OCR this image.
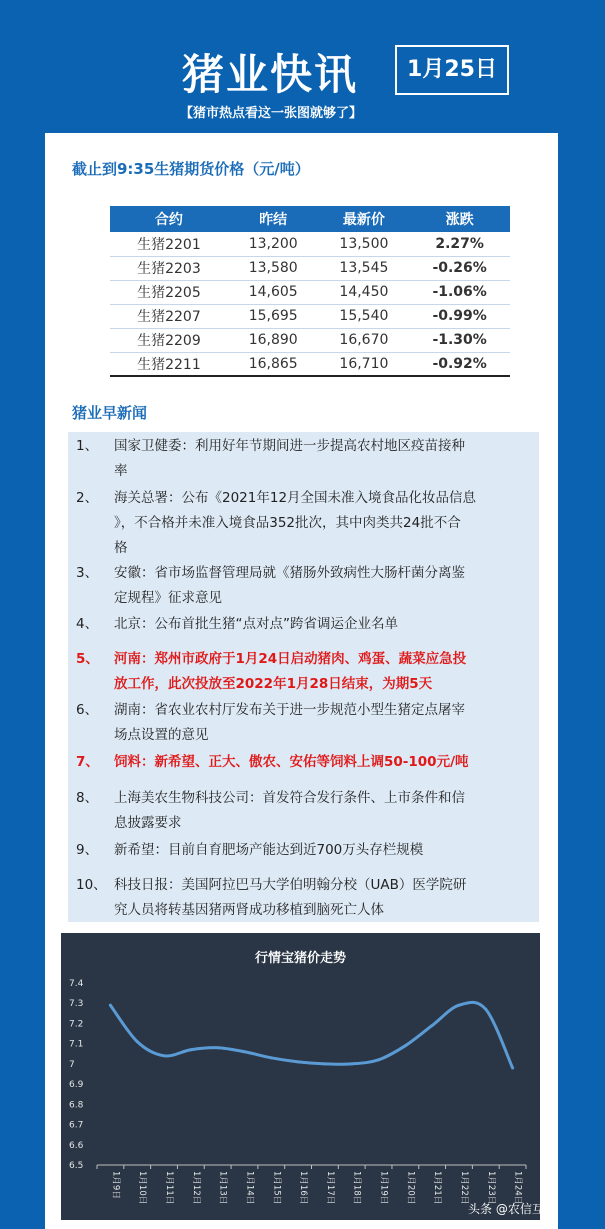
猪业快讯	1月25日
【猪市热点看这一张图就够了】
截止到9:35生猪期货价格（元/吨）
合约	昨结	最新价	涨跌
生猪2201	13,200	13,500	2.27%
生猪2203	13,580	13,545	-0.26%
生猪2205	14,605	14,450	-1.06%
生猪2207	15,695	15,540	-0.99%
生猪2209	16,890	16,670	-1.30%
生猪2211	16,865	16,710	-0.92%
猪业早新闻
1、	国家卫健委：利用好年节期间进一步提高农村地区疫苗接种
率
2、	海关总署：公布《2021年12月全国未准入境食品化妆品信息
》，不合格并未准入境食品352批次，其中肉类共24批不合
格
3、	安徽：省市场监督管理局就《猪肠外致病性大肠杆菌分离鉴
定规程》征求意见
4、	北京：公布首批生猪“点对点”跨省调运企业名单
5、	河南：郑州市政府于1月24日启动猪肉、鸡蛋、蔬菜应急投
放工作，此次投放至2022年1月28日结束，为期5天
6、	湖南：省农业农村厅发布关于进一步规范小型生猪定点屠宰
场点设置的意见
7、	饲料：新希望、正大、傲农、安佑等饲料上调50-100元/吨
8、	上海美农生物科技公司：首发符合发行条件、上市条件和信
息披露要求
9、	新希望：目前自育肥场产能达到近700万头存栏规模
10、 科技日报：美国阿拉巴马大学伯明翰分校（UAB）医学院研
究人员将转基因猪两肾成功移植到脑死亡人体
行情宝猪价走势
6.5
6.6
6.7
6.8
6.9
7
7.1
7.2
7.3
7.4
1月9日 1月10日 1月11日 1月12日 1月13日 1月14日 1月15日 1月16日 1月17日 1月18日 1月19日 1月20日 1月21日 1月22日 1月23日 1月24日
头条 @农信互联
